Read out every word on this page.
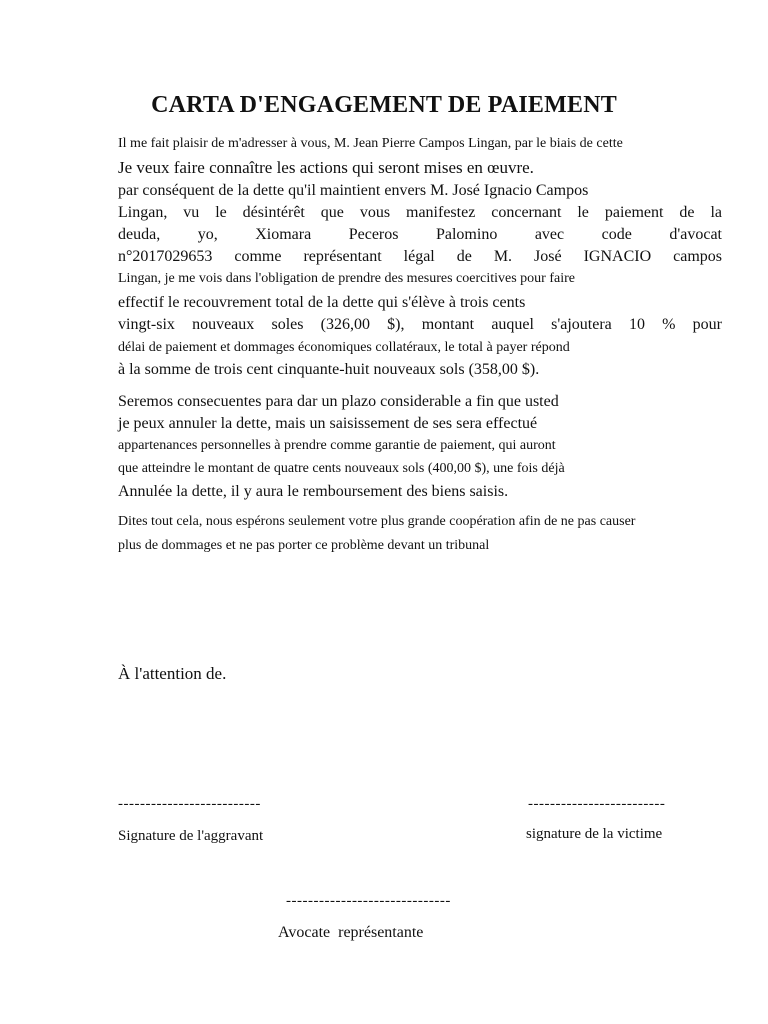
CARTA D'ENGAGEMENT DE PAIEMENT
Il me fait plaisir de m'adresser à vous, M. Jean Pierre Campos Lingan, par le biais de cette
Je veux faire connaître les actions qui seront mises en œuvre.
par conséquent de la dette qu'il maintient envers M. José Ignacio Campos
Lingan, vu le désintérêt que vous manifestez concernant le paiement de la
deuda, yo, Xiomara Peceros Palomino avec code d'avocat
n°2017029653 comme représentant légal de M. José IGNACIO campos
Lingan, je me vois dans l'obligation de prendre des mesures coercitives pour faire
effectif le recouvrement total de la dette qui s'élève à trois cents
vingt-six nouveaux soles (326,00 $), montant auquel s'ajoutera 10 % pour
délai de paiement et dommages économiques collatéraux, le total à payer répond
à la somme de trois cent cinquante-huit nouveaux sols (358,00 $).
Seremos consecuentes para dar un plazo considerable a fin que usted
je peux annuler la dette, mais un saisissement de ses sera effectué
appartenances personnelles à prendre comme garantie de paiement, qui auront
que atteindre le montant de quatre cents nouveaux sols (400,00 $), une fois déjà
Annulée la dette, il y aura le remboursement des biens saisis.
Dites tout cela, nous espérons seulement votre plus grande coopération afin de ne pas causer
plus de dommages et ne pas porter ce problème devant un tribunal
À l'attention de.
--------------------------
Signature de l'aggravant
-------------------------
signature de la victime
------------------------------
Avocate  représentante
